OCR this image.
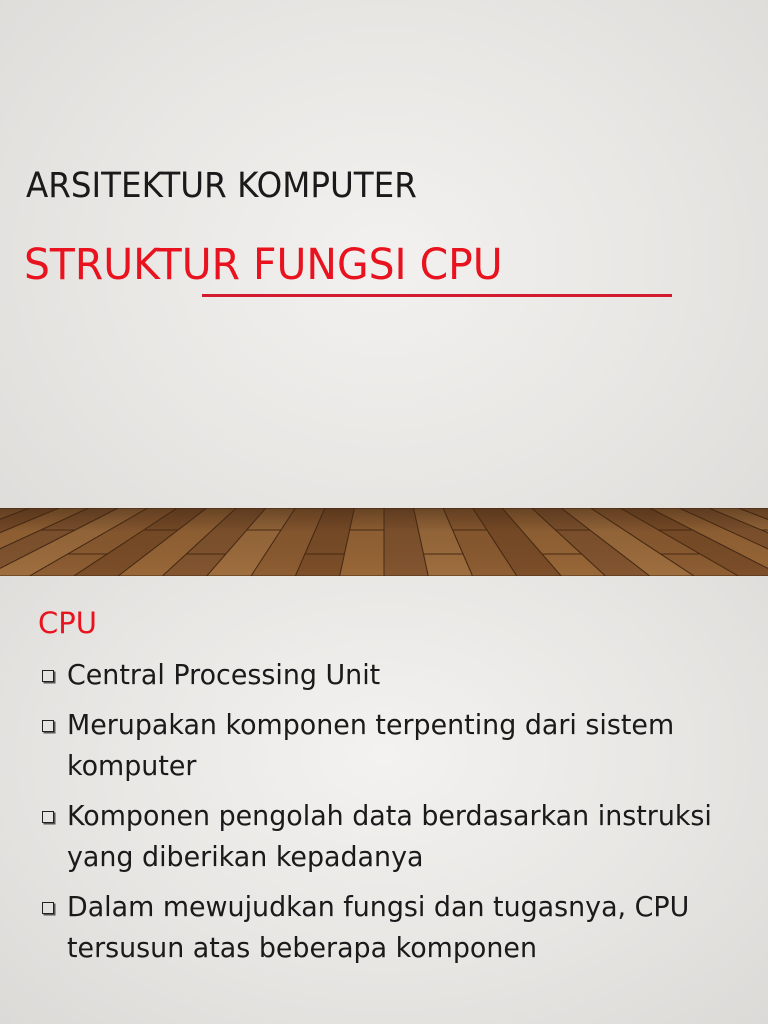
ARSITEKTUR KOMPUTER
STRUKTUR FUNGSI CPU
CPU
Central Processing Unit
Merupakan komponen terpenting dari sistem komputer
Komponen pengolah data berdasarkan instruksi yang diberikan kepadanya
Dalam mewujudkan fungsi dan tugasnya, CPU tersusun atas beberapa komponen
